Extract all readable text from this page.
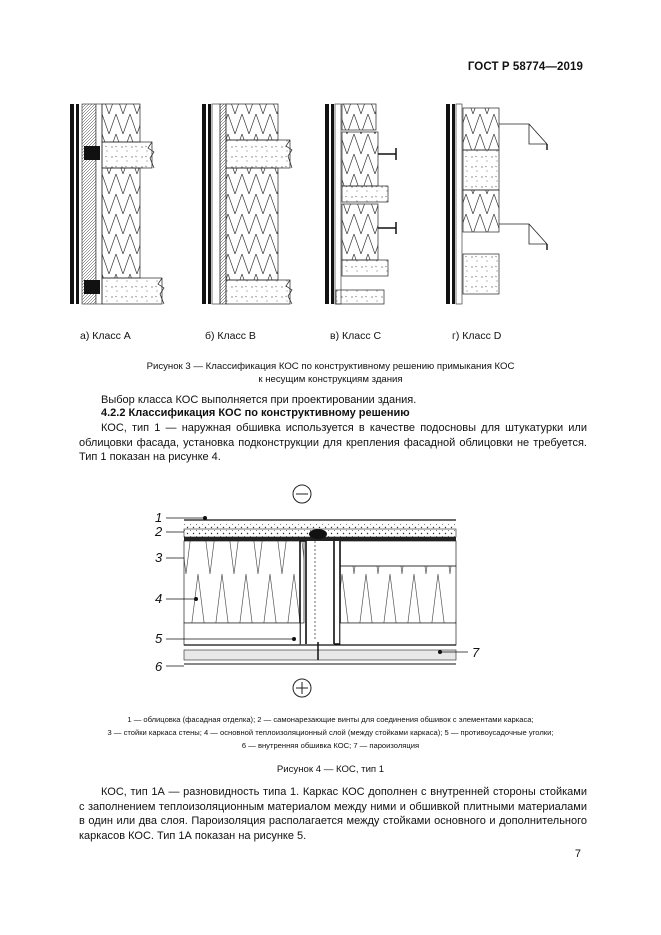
ГОСТ Р 58774—2019
а) Класс A	б) Класс B	в) Класс C	г) Класс D
Рисунок 3 — Классификация КОС по конструктивному решению примыкания КОС
к несущим конструкциям здания
Выбор класса КОС выполняется при проектировании здания.
4.2.2 Классификация КОС по конструктивному решению
КОС, тип 1 — наружная обшивка используется в качестве подосновы для штукатурки или облицовки фасада, установка подконструкции для крепления фасадной облицовки не требуется. Тип 1 показан на рисунке 4.
1
2
3
4
5
6
7
1 — облицовка (фасадная отделка); 2 — самонарезающие винты для соединения обшивок с элементами каркаса;
3 — стойки каркаса стены; 4 — основной теплоизоляционный слой (между стойками каркаса); 5 — противоусадочные уголки;
6 — внутренняя обшивка КОС; 7 — пароизоляция
Рисунок 4 — КОС, тип 1
КОС, тип 1А — разновидность типа 1. Каркас КОС дополнен с внутренней стороны стойками с заполнением теплоизоляционным материалом между ними и обшивкой плитными материалами в один или два слоя. Пароизоляция располагается между стойками основного и дополнительного каркасов КОС. Тип 1А показан на рисунке 5.
7
